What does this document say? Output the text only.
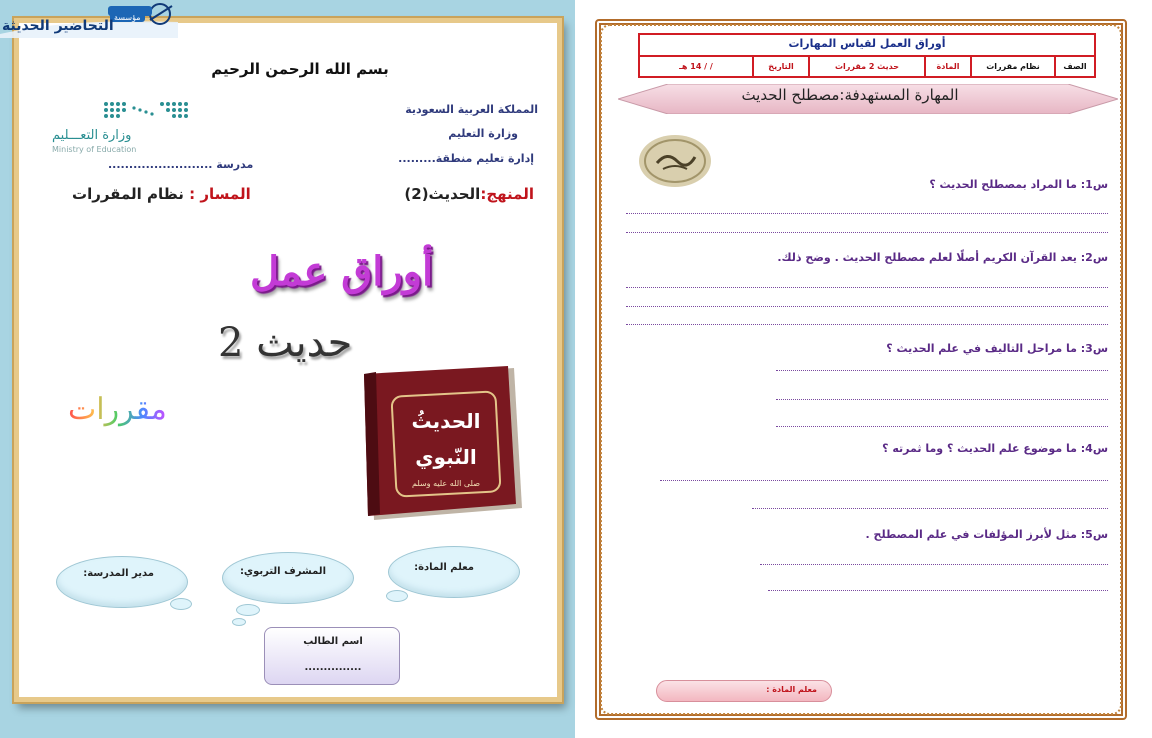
مؤسسة
التحاضير الحديثة
بسم الله الرحمن الرحيم
وزارة التعـــليم
Ministry of Education
المملكة العربية السعودية
وزارة التعليم
إدارة تعليم منطقة.........
مدرسة .........................
المنهج:الحديث(2)
المسار : نظام المقررات
أوراق عمل
حديث 2
مقررات	الحديثُ
النّبوي
صلى الله عليه وسلم
معلم المادة:
المشرف التربوي:
مدير المدرسة:
اسم الطالب
...............
أوراق العمل لقياس المهارات
الصف
نظام مقررات
المادة
حديث 2 مقررات
التاريخ
/ / 14 هـ
المهارة المستهدفة:مصطلح الحديث
س1: ما المراد بمصطلح الحديث ؟
س2: يعد القرآن الكريم أصلًا لعلم مصطلح الحديث . وضح ذلك.
س3: ما مراحل التاليف في علم الحديث ؟
س4: ما موضوع علم الحديث ؟ وما ثمرته ؟
س5: مثل لأبرز المؤلفات في علم المصطلح .
معلم المادة :
